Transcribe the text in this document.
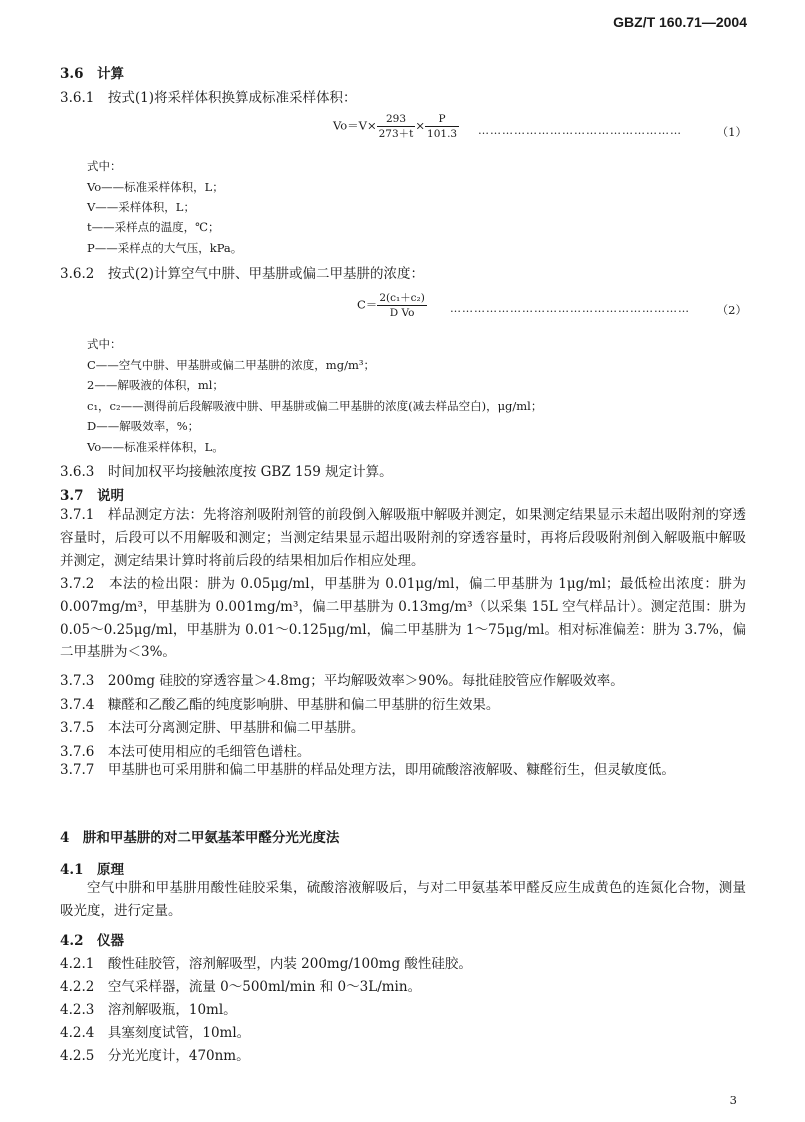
GBZ/T 160.71—2004
3.6　计算
3.6.1　按式(1)将采样体积换算成标准采样体积：
$Vo=V\times \frac{293}{273+t} \times \frac{P}{101.3}$ ……………………………………………	（1）
式中：
Vo——标准采样体积，L；
V——采样体积，L；
t——采样点的温度，℃；
P——采样点的大气压，kPa。
3.6.2　按式(2)计算空气中肼、甲基肼或偏二甲基肼的浓度：
$C= \frac{\text{2(c₁＋c₂)}}{\text{D Vo}}$ …………………………………………………… （2）
式中：
C——空气中肼、甲基肼或偏二甲基肼的浓度，mg/m³；
2——解吸液的体积，ml；
c₁，c₂——测得前后段解吸液中肼、甲基肼或偏二甲基肼的浓度(减去样品空白)，μg/ml；
D——解吸效率，%；
Vo——标准采样体积，L。
3.6.3　时间加权平均接触浓度按 GBZ 159 规定计算。
3.7　说明
3.7.1　样品测定方法：先将溶剂吸附剂管的前段倒入解吸瓶中解吸并测定，如果测定结果显示未超出吸附剂的穿透容量时，后段可以不用解吸和测定；当测定结果显示超出吸附剂的穿透容量时，再将后段吸附剂倒入解吸瓶中解吸并测定，测定结果计算时将前后段的结果相加后作相应处理。
3.7.2　本法的检出限：肼为 0.05μg/ml，甲基肼为 0.01μg/ml，偏二甲基肼为 1μg/ml；最低检出浓度：肼为 0.007mg/m³，甲基肼为 0.001mg/m³，偏二甲基肼为 0.13mg/m³（以采集 15L 空气样品计）。测定范围：肼为 0.05～0.25μg/ml，甲基肼为 0.01～0.125μg/ml，偏二甲基肼为 1～75μg/ml。相对标准偏差：肼为 3.7%，偏二甲基肼为＜3%。
3.7.3　200mg 硅胶的穿透容量＞4.8mg；平均解吸效率＞90%。每批硅胶管应作解吸效率。
3.7.4　糠醛和乙酸乙酯的纯度影响肼、甲基肼和偏二甲基肼的衍生效果。
3.7.5　本法可分离测定肼、甲基肼和偏二甲基肼。
3.7.6　本法可使用相应的毛细管色谱柱。
3.7.7　甲基肼也可采用肼和偏二甲基肼的样品处理方法，即用硫酸溶液解吸、糠醛衍生，但灵敏度低。
4　肼和甲基肼的对二甲氨基苯甲醛分光光度法
4.1　原理
空气中肼和甲基肼用酸性硅胶采集，硫酸溶液解吸后，与对二甲氨基苯甲醛反应生成黄色的连氮化合物，测量吸光度，进行定量。
4.2　仪器
4.2.1　酸性硅胶管，溶剂解吸型，内装 200mg/100mg 酸性硅胶。
4.2.2　空气采样器，流量 0～500ml/min 和 0～3L/min。
4.2.3　溶剂解吸瓶，10ml。
4.2.4　具塞刻度试管，10ml。
4.2.5　分光光度计，470nm。
3
